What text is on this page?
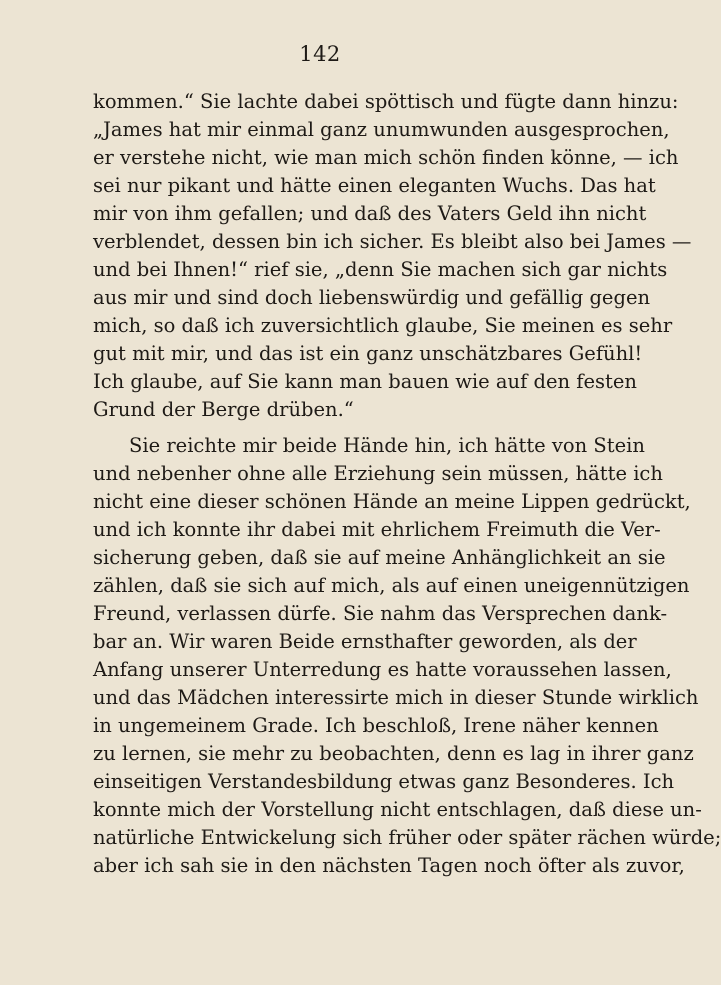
142
kommen.“ Sie lachte dabei spöttisch und fügte dann hinzu:
„James hat mir einmal ganz unumwunden ausgesprochen,
er verstehe nicht, wie man mich schön finden könne, — ich
sei nur pikant und hätte einen eleganten Wuchs. Das hat
mir von ihm gefallen; und daß des Vaters Geld ihn nicht
verblendet, dessen bin ich sicher. Es bleibt also bei James —
und bei Ihnen!“ rief sie, „denn Sie machen sich gar nichts
aus mir und sind doch liebenswürdig und gefällig gegen
mich, so daß ich zuversichtlich glaube, Sie meinen es sehr
gut mit mir, und das ist ein ganz unschätzbares Gefühl!
Ich glaube, auf Sie kann man bauen wie auf den festen
Grund der Berge drüben.“
Sie reichte mir beide Hände hin, ich hätte von Stein
und nebenher ohne alle Erziehung sein müssen, hätte ich
nicht eine dieser schönen Hände an meine Lippen gedrückt,
und ich konnte ihr dabei mit ehrlichem Freimuth die Ver-
sicherung geben, daß sie auf meine Anhänglichkeit an sie
zählen, daß sie sich auf mich, als auf einen uneigennützigen
Freund, verlassen dürfe. Sie nahm das Versprechen dank-
bar an. Wir waren Beide ernsthafter geworden, als der
Anfang unserer Unterredung es hatte voraussehen lassen,
und das Mädchen interessirte mich in dieser Stunde wirklich
in ungemeinem Grade. Ich beschloß, Irene näher kennen
zu lernen, sie mehr zu beobachten, denn es lag in ihrer ganz
einseitigen Verstandesbildung etwas ganz Besonderes. Ich
konnte mich der Vorstellung nicht entschlagen, daß diese un-
natürliche Entwickelung sich früher oder später rächen würde;
aber ich sah sie in den nächsten Tagen noch öfter als zuvor,
